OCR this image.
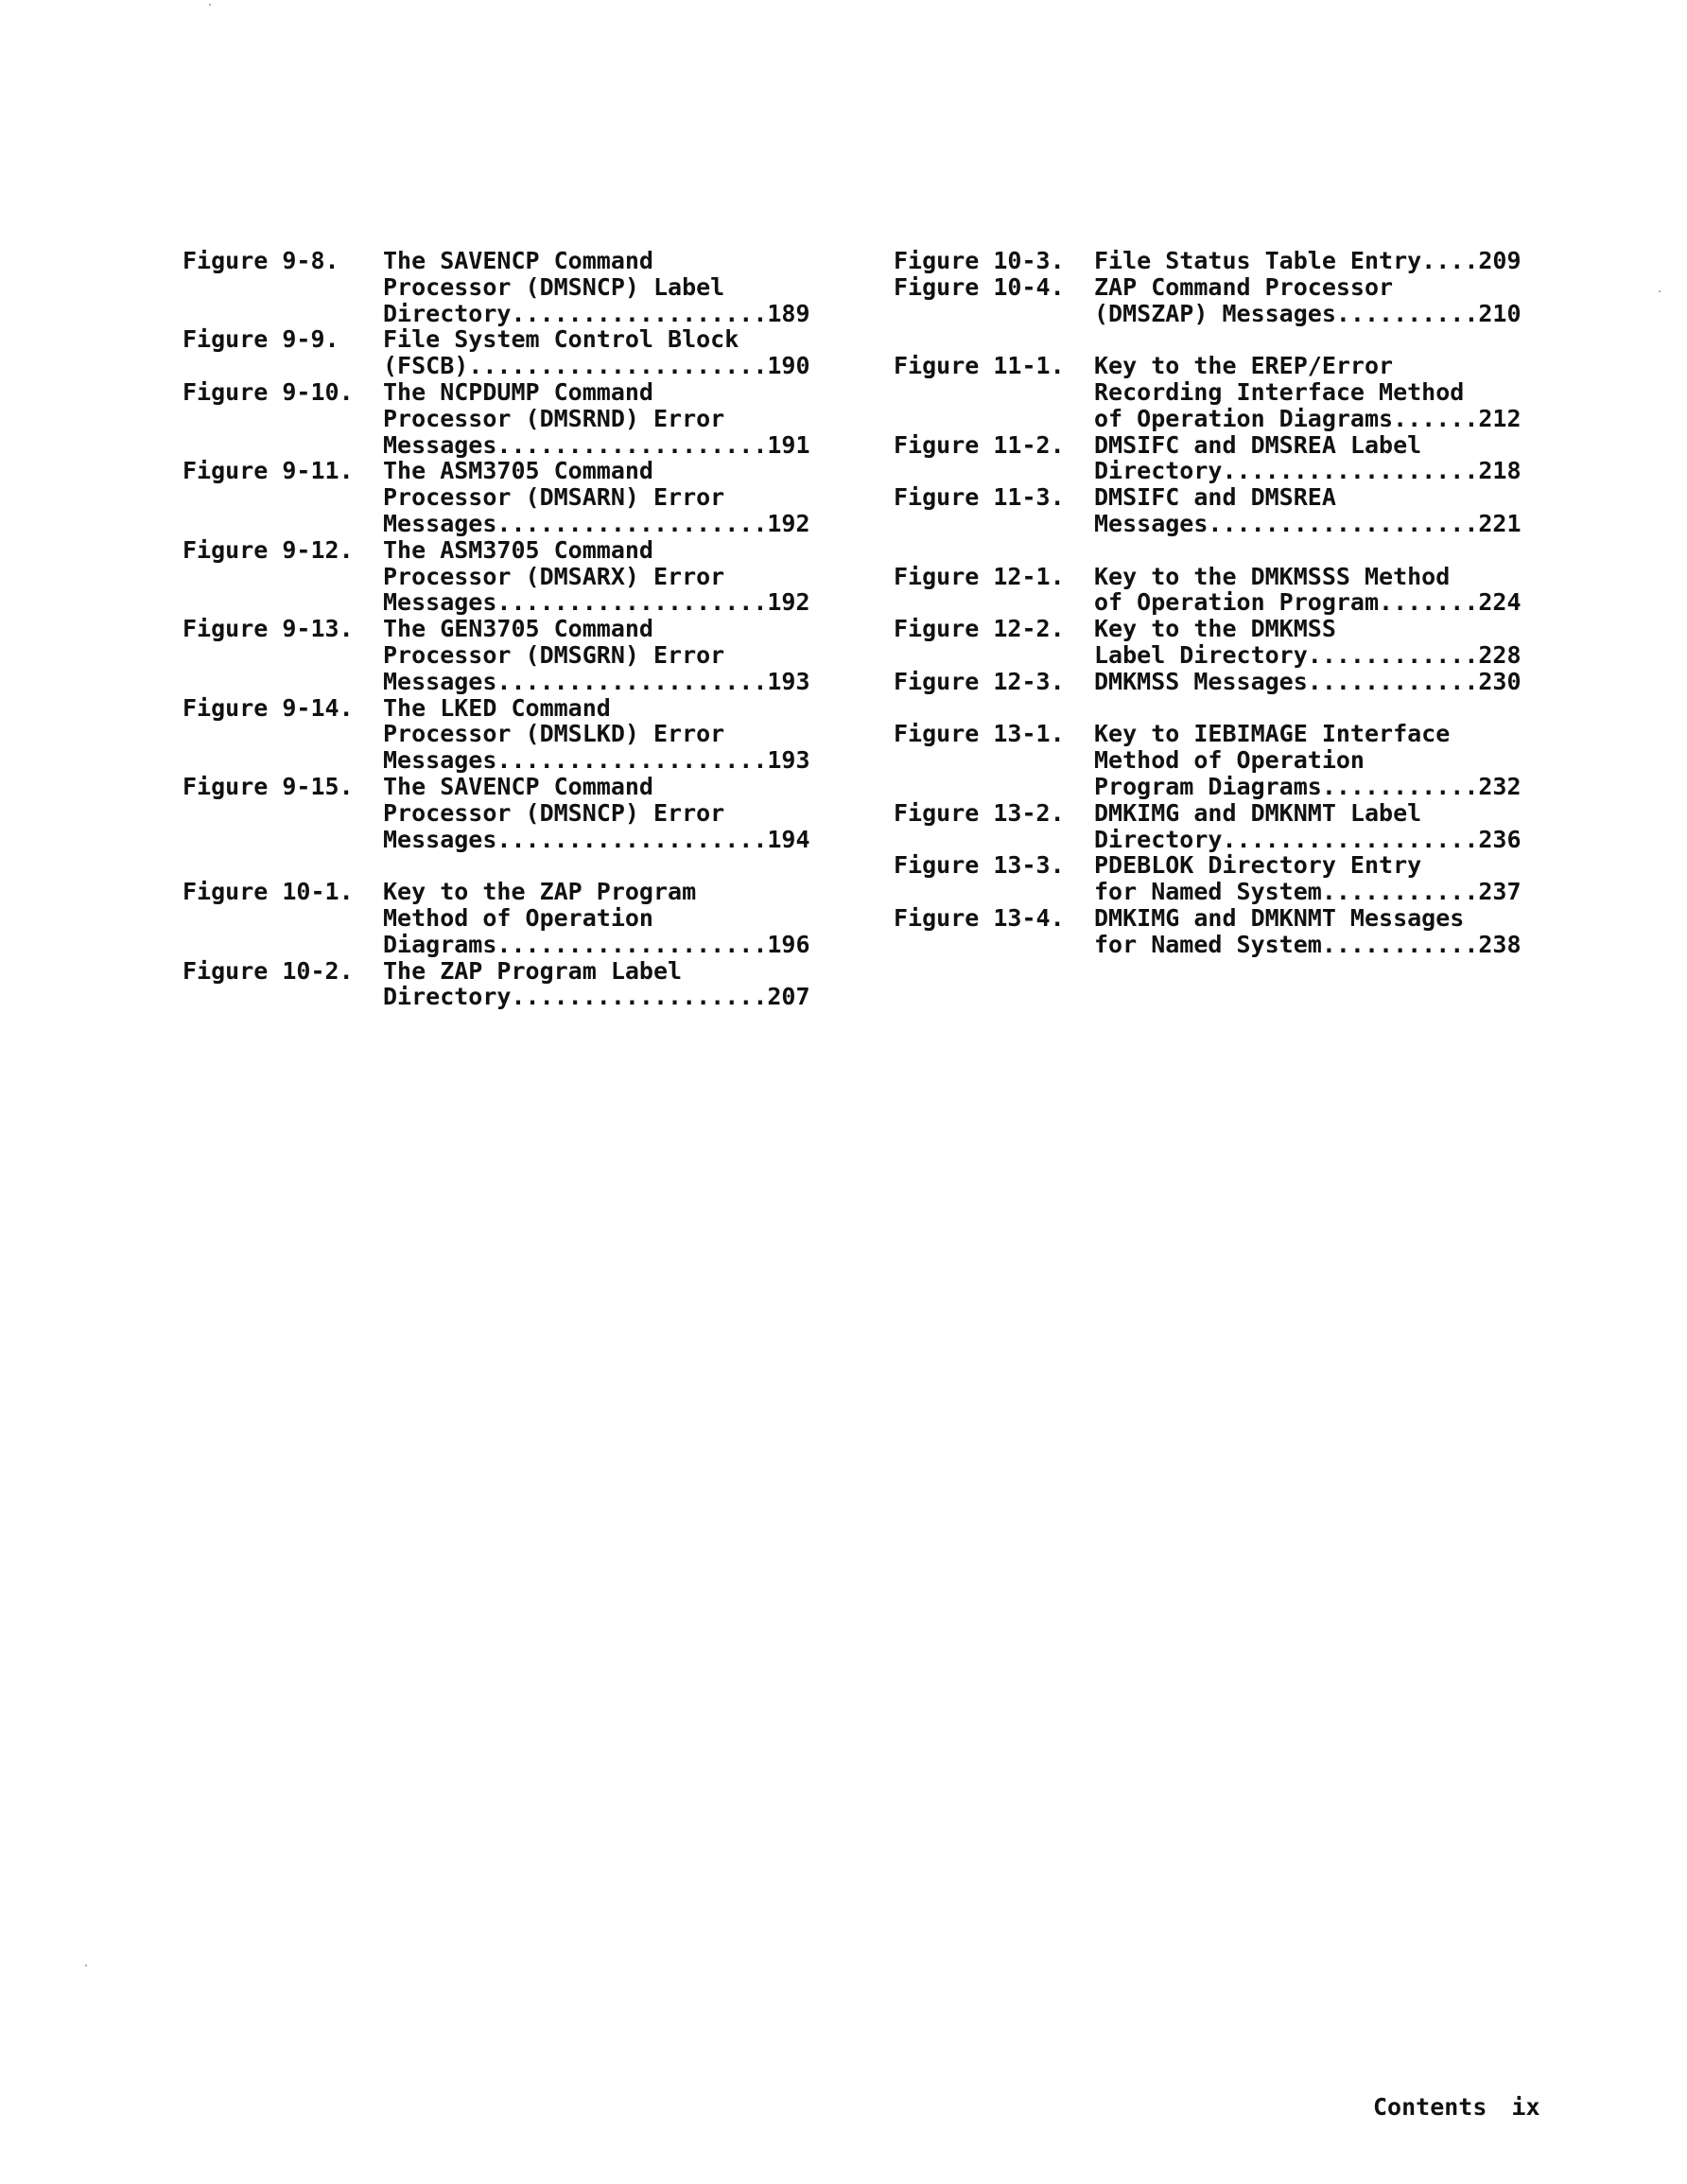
Figure 9-8. The SAVENCP Command
Processor (DMSNCP) Label
Directory..................189
Figure 9-9. File System Control Block
(FSCB).....................190
Figure 9-10. The NCPDUMP Command
Processor (DMSRND) Error
Messages...................191
Figure 9-11. The ASM3705 Command
Processor (DMSARN) Error
Messages...................192
Figure 9-12. The ASM3705 Command
Processor (DMSARX) Error
Messages...................192
Figure 9-13. The GEN3705 Command
Processor (DMSGRN) Error
Messages...................193
Figure 9-14. The LKED Command
Processor (DMSLKD) Error
Messages...................193
Figure 9-15. The SAVENCP Command
Processor (DMSNCP) Error
Messages...................194
Figure 10-1. Key to the ZAP Program
Method of Operation
Diagrams...................196
Figure 10-2. The ZAP Program Label
Directory..................207
Figure 10-3. File Status Table Entry....209
Figure 10-4. ZAP Command Processor
(DMSZAP) Messages..........210
Figure 11-1. Key to the EREP/Error
Recording Interface Method
of Operation Diagrams......212
Figure 11-2. DMSIFC and DMSREA Label
Directory..................218
Figure 11-3. DMSIFC and DMSREA
Messages...................221
Figure 12-1. Key to the DMKMSSS Method
of Operation Program.......224
Figure 12-2. Key to the DMKMSS
Label Directory............228
Figure 12-3. DMKMSS Messages............230
Figure 13-1. Key to IEBIMAGE Interface
Method of Operation
Program Diagrams...........232
Figure 13-2. DMKIMG and DMKNMT Label
Directory..................236
Figure 13-3. PDEBLOK Directory Entry
for Named System...........237
Figure 13-4. DMKIMG and DMKNMT Messages
for Named System...........238
Contents ix
